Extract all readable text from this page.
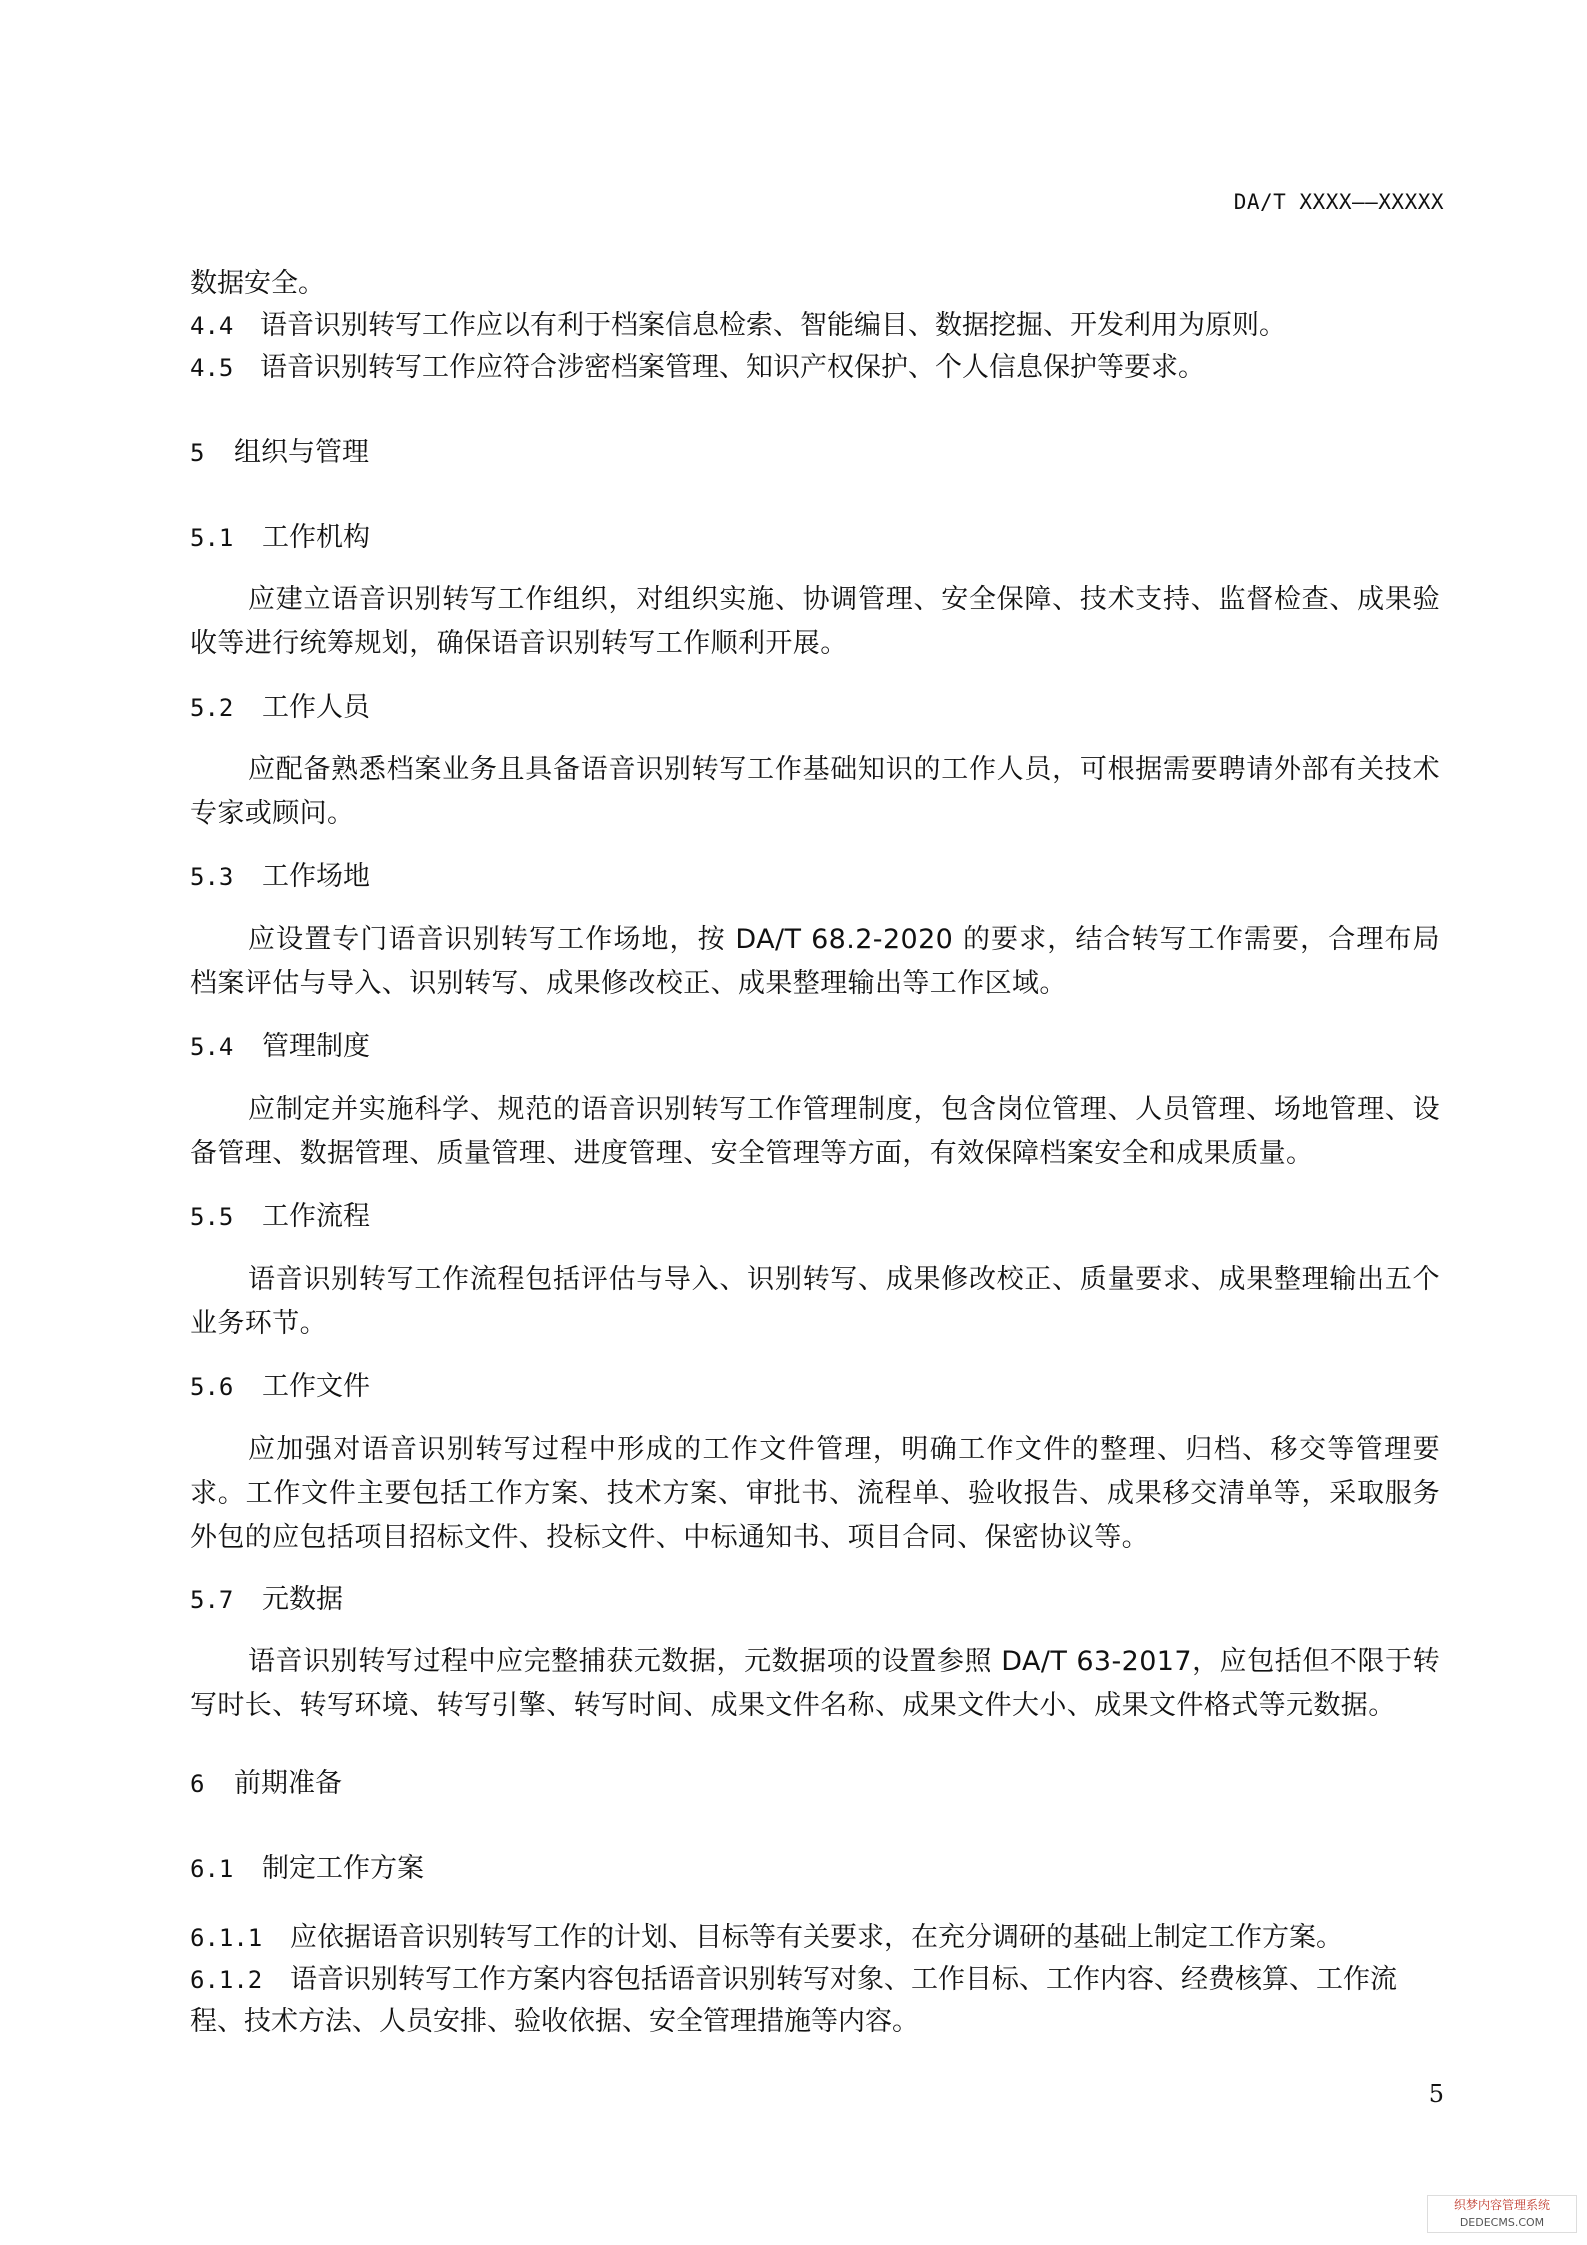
DA/T XXXX——XXXXX
数据安全。
4.4 语音识别转写工作应以有利于档案信息检索、智能编目、数据挖掘、开发利用为原则。
4.5 语音识别转写工作应符合涉密档案管理、知识产权保护、个人信息保护等要求。
5 组织与管理
5.1 工作机构
应建立语音识别转写工作组织，对组织实施、协调管理、安全保障、技术支持、监督检查、成果验收等进行统筹规划，确保语音识别转写工作顺利开展。
5.2 工作人员
应配备熟悉档案业务且具备语音识别转写工作基础知识的工作人员，可根据需要聘请外部有关技术专家或顾问。
5.3 工作场地
应设置专门语音识别转写工作场地，按 DA/T 68.2-2020 的要求，结合转写工作需要，合理布局档案评估与导入、识别转写、成果修改校正、成果整理输出等工作区域。
5.4 管理制度
应制定并实施科学、规范的语音识别转写工作管理制度，包含岗位管理、人员管理、场地管理、设备管理、数据管理、质量管理、进度管理、安全管理等方面，有效保障档案安全和成果质量。
5.5 工作流程
语音识别转写工作流程包括评估与导入、识别转写、成果修改校正、质量要求、成果整理输出五个业务环节。
5.6 工作文件
应加强对语音识别转写过程中形成的工作文件管理，明确工作文件的整理、归档、移交等管理要求。工作文件主要包括工作方案、技术方案、审批书、流程单、验收报告、成果移交清单等，采取服务外包的应包括项目招标文件、投标文件、中标通知书、项目合同、保密协议等。
5.7 元数据
语音识别转写过程中应完整捕获元数据，元数据项的设置参照 DA/T 63-2017，应包括但不限于转写时长、转写环境、转写引擎、转写时间、成果文件名称、成果文件大小、成果文件格式等元数据。
6 前期准备
6.1 制定工作方案
6.1.1 应依据语音识别转写工作的计划、目标等有关要求，在充分调研的基础上制定工作方案。
6.1.2 语音识别转写工作方案内容包括语音识别转写对象、工作目标、工作内容、经费核算、工作流
程、技术方法、人员安排、验收依据、安全管理措施等内容。
5
织梦内容管理系统
DEDECMS.COM
